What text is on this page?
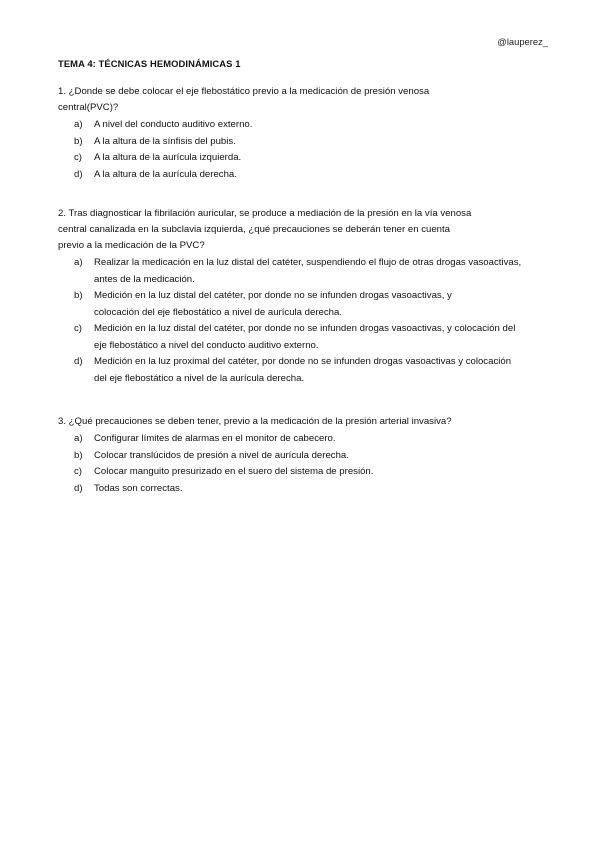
@lauperez_
TEMA 4: TÉCNICAS HEMODINÁMICAS 1

1. ¿Donde se debe colocar el eje flebostático previo a la medicación de presión venosa
central(PVC)?

a)	A nivel del conducto auditivo externo.
b)	A la altura de la sínfisis del pubis.
c)	A la altura de la aurícula izquierda.
d)	A la altura de la aurícula derecha.

2. Tras diagnosticar la fibrilación auricular, se produce a mediación de la presión en la vía venosa
central canalizada en la subclavia izquierda, ¿qué precauciones se deberán tener en cuenta
previo a la medicación de la PVC?

a)	Realizar la medicación en la luz distal del catéter, suspendiendo el flujo de otras drogas vasoactivas,
antes de la medicación.
b)	Medición en la luz distal del catéter, por donde no se infunden drogas vasoactivas, y
colocación del eje flebostático a nivel de aurícula derecha.
c)	Medición en la luz distal del catéter, por donde no se infunden drogas vasoactivas, y colocación del
eje flebostático a nivel del conducto auditivo externo.
d)	Medición en la luz proximal del catéter, por donde no se infunden drogas vasoactivas y colocación
del eje flebostático a nivel de la aurícula derecha.

3. ¿Qué precauciones se deben tener, previo a la medicación de la presión arterial invasiva?

a)	Configurar límites de alarmas en el monitor de cabecero.
b)	Colocar translúcidos de presión a nivel de aurícula derecha.
c)	Colocar manguito presurizado en el suero del sistema de presión.
d)	Todas son correctas.
